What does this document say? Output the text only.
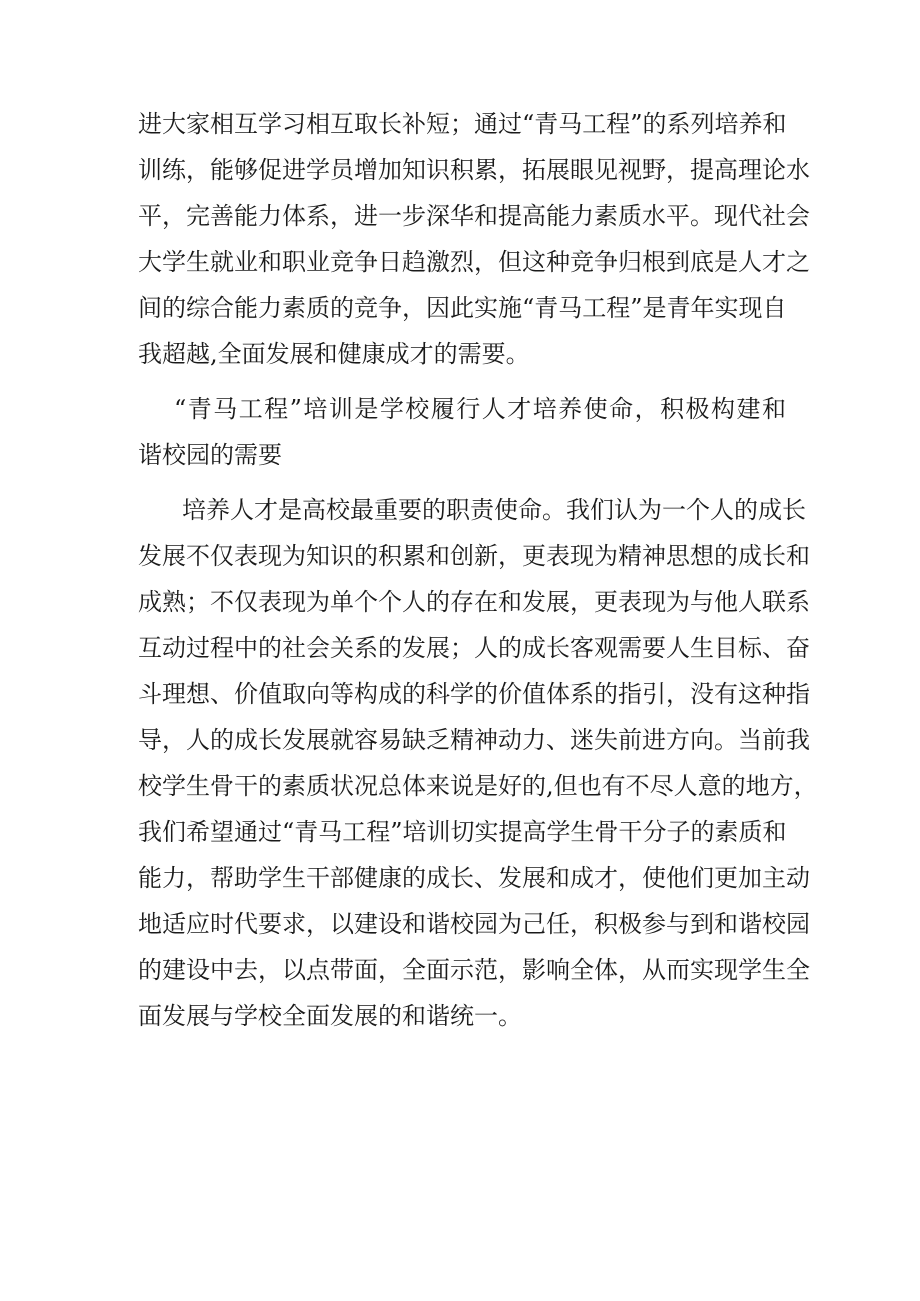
进大家相互学习相互取长补短；通过“青马工程”的系列培养和
训练，能够促进学员增加知识积累，拓展眼见视野，提高理论水
平，完善能力体系，进一步深华和提高能力素质水平。现代社会
大学生就业和职业竞争日趋激烈，但这种竞争归根到底是人才之
间的综合能力素质的竞争，因此实施“青马工程”是青年实现自
我超越,全面发展和健康成才的需要。
“青马工程”培训是学校履行人才培养使命，积极构建和
谐校园的需要
培养人才是高校最重要的职责使命。我们认为一个人的成长
发展不仅表现为知识的积累和创新，更表现为精神思想的成长和
成熟；不仅表现为单个个人的存在和发展，更表现为与他人联系
互动过程中的社会关系的发展；人的成长客观需要人生目标、奋
斗理想、价值取向等构成的科学的价值体系的指引，没有这种指
导，人的成长发展就容易缺乏精神动力、迷失前进方向。当前我
校学生骨干的素质状况总体来说是好的,但也有不尽人意的地方，
我们希望通过“青马工程”培训切实提高学生骨干分子的素质和
能力，帮助学生干部健康的成长、发展和成才，使他们更加主动
地适应时代要求，以建设和谐校园为己任，积极参与到和谐校园
的建设中去，以点带面，全面示范，影响全体，从而实现学生全
面发展与学校全面发展的和谐统一。
